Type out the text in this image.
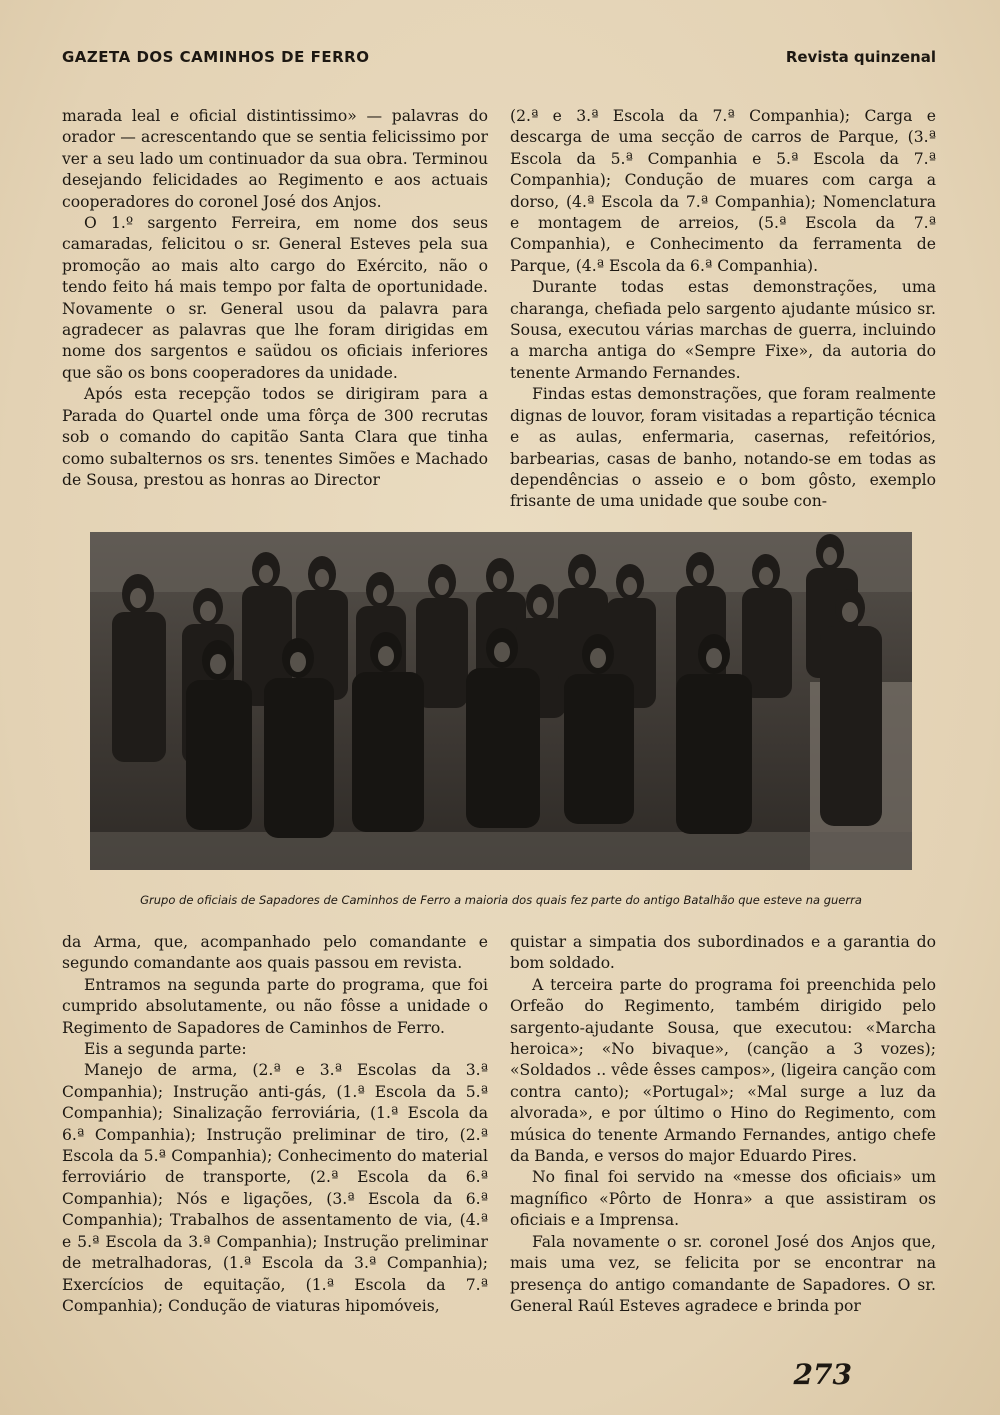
GAZETA DOS CAMINHOS DE FERRO	Revista quinzenal

marada leal e oficial distintissimo» — palavras do orador — acrescentando que se sentia felicissimo por ver a seu lado um continuador da sua obra. Terminou desejando felicidades ao Regimento e aos actuais cooperadores do coronel José dos Anjos.

O 1.º sargento Ferreira, em nome dos seus camaradas, felicitou o sr. General Esteves pela sua promoção ao mais alto cargo do Exército, não o tendo feito há mais tempo por falta de oportunidade. Novamente o sr. General usou da palavra para agradecer as palavras que lhe foram dirigidas em nome dos sargentos e saüdou os oficiais inferiores que são os bons cooperadores da unidade.

Após esta recepção todos se dirigiram para a Parada do Quartel onde uma fôrça de 300 recrutas sob o comando do capitão Santa Clara que tinha como subalternos os srs. tenentes Simões e Machado de Sousa, prestou as honras ao Director

(2.ª e 3.ª Escola da 7.ª Companhia); Carga e descarga de uma secção de carros de Parque, (3.ª Escola da 5.ª Companhia e 5.ª Escola da 7.ª Companhia); Condução de muares com carga a dorso, (4.ª Escola da 7.ª Companhia); Nomenclatura e montagem de arreios, (5.ª Escola da 7.ª Companhia), e Conhecimento da ferramenta de Parque, (4.ª Escola da 6.ª Companhia).

Durante todas estas demonstrações, uma charanga, chefiada pelo sargento ajudante músico sr. Sousa, executou várias marchas de guerra, incluindo a marcha antiga do «Sempre Fixe», da autoria do tenente Armando Fernandes.

Findas estas demonstrações, que foram realmente dignas de louvor, foram visitadas a repartição técnica e as aulas, enfermaria, casernas, refeitórios, barbearias, casas de banho, notando-se em todas as dependências o asseio e o bom gôsto, exemplo frisante de uma unidade que soube con-

Grupo de oficiais de Sapadores de Caminhos de Ferro a maioria dos quais fez parte do antigo Batalhão que esteve na guerra

da Arma, que, acompanhado pelo comandante e segundo comandante aos quais passou em revista.

Entramos na segunda parte do programa, que foi cumprido absolutamente, ou não fôsse a unidade o Regimento de Sapadores de Caminhos de Ferro.

Eis a segunda parte:

Manejo de arma, (2.ª e 3.ª Escolas da 3.ª Companhia); Instrução anti-gás, (1.ª Escola da 5.ª Companhia); Sinalização ferroviária, (1.ª Escola da 6.ª Companhia); Instrução preliminar de tiro, (2.ª Escola da 5.ª Companhia); Conhecimento do material ferroviário de transporte, (2.ª Escola da 6.ª Companhia); Nós e ligações, (3.ª Escola da 6.ª Companhia); Trabalhos de assentamento de via, (4.ª e 5.ª Escola da 3.ª Companhia); Instrução preliminar de metralhadoras, (1.ª Escola da 3.ª Companhia); Exercícios de equitação, (1.ª Escola da 7.ª Companhia); Condução de viaturas hipomóveis,

quistar a simpatia dos subordinados e a garantia do bom soldado.

A terceira parte do programa foi preenchida pelo Orfeão do Regimento, também dirigido pelo sargento-ajudante Sousa, que executou: «Marcha heroica»; «No bivaque», (canção a 3 vozes); «Soldados .. vêde êsses campos», (ligeira canção com contra canto); «Portugal»; «Mal surge a luz da alvorada», e por último o Hino do Regimento, com música do tenente Armando Fernandes, antigo chefe da Banda, e versos do major Eduardo Pires.

No final foi servido na «messe dos oficiais» um magnífico «Pôrto de Honra» a que assistiram os oficiais e a Imprensa.

Fala novamente o sr. coronel José dos Anjos que, mais uma vez, se felicita por se encontrar na presença do antigo comandante de Sapadores. O sr. General Raúl Esteves agradece e brinda por

273
